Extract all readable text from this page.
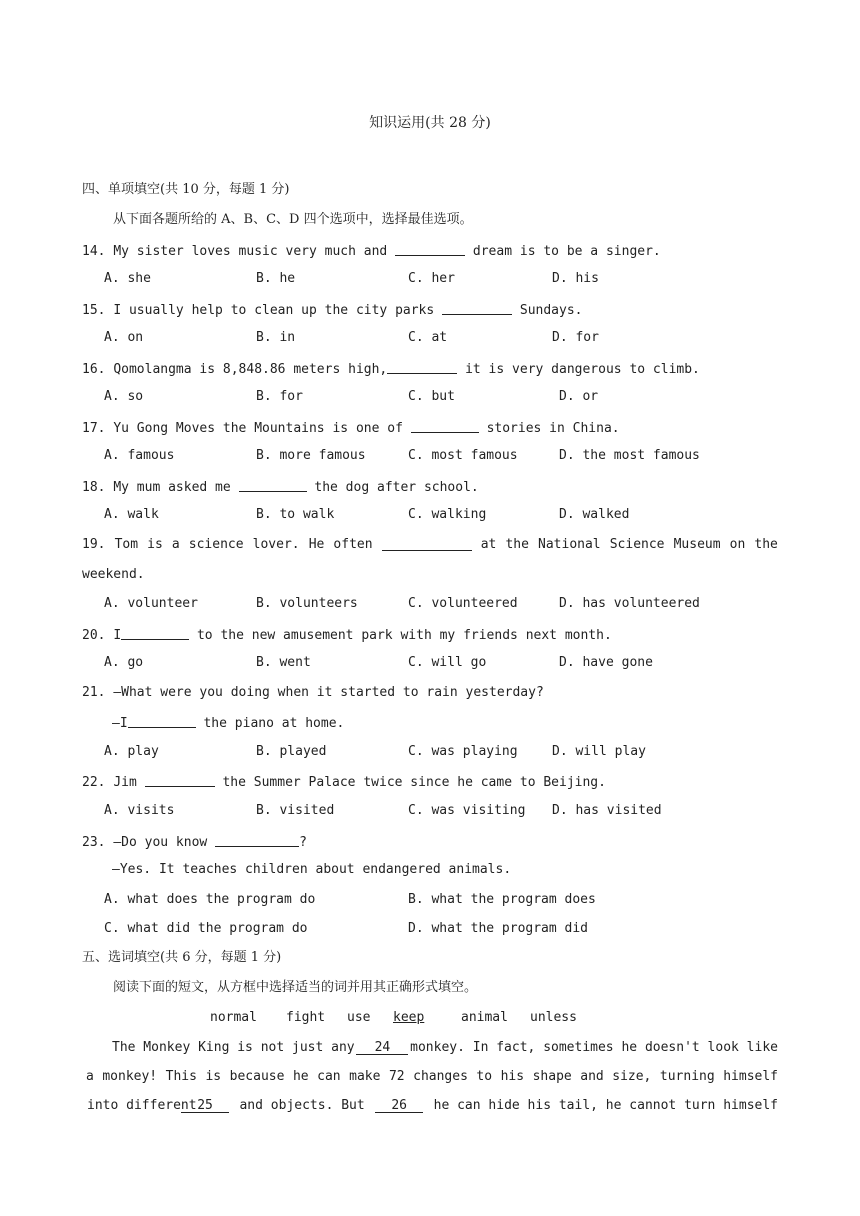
知识运用(共 28 分)
四、单项填空(共 10 分，每题 1 分)
从下面各题所给的 A、B、C、D 四个选项中，选择最佳选项。
14. My sister loves music very much and	dream is to be a singer.
A. she	B. he	C. her	D. his
15. I usually help to clean up the city parks	Sundays.
A. on	B. in	C. at	D. for
16. Qomolangma is 8,848.86 meters high,	it is very dangerous to climb.
A. so	B. for	C. but	D. or
17. Yu Gong Moves the Mountains is one of	stories in China.
A. famous	B. more famous	C. most famous	D. the most famous
18. My mum asked me	the dog after school.
A. walk	B. to walk	C. walking	D. walked
19. Tom is a science lover. He often	at the National Science Museum on the
weekend.
A. volunteer	B. volunteers	C. volunteered	D. has volunteered
20. I	to the new amusement park with my friends next month.
A. go	B. went	C. will go	D. have gone
21. —What were you doing when it started to rain yesterday?
—I	the piano at home.
A. play	B. played	C. was playing	D. will play
22. Jim	the Summer Palace twice since he came to Beijing.
A. visits	B. visited	C. was visiting	D. has visited
23. —Do you know	?
—Yes. It teaches children about endangered animals.
A. what does the program do	B. what the program does
C. what did the program do	D. what the program did
五、选词填空(共 6 分，每题 1 分)
阅读下面的短文，从方框中选择适当的词并用其正确形式填空。
normal	fight	use	keep	animal	unless
The Monkey King is not just any	24	monkey. In fact, sometimes he doesn't look like
a monkey! This is because he can make 72 changes to his shape and size, turning himself
into different 25	and objects. But	26	he can hide his tail, he cannot turn himself
